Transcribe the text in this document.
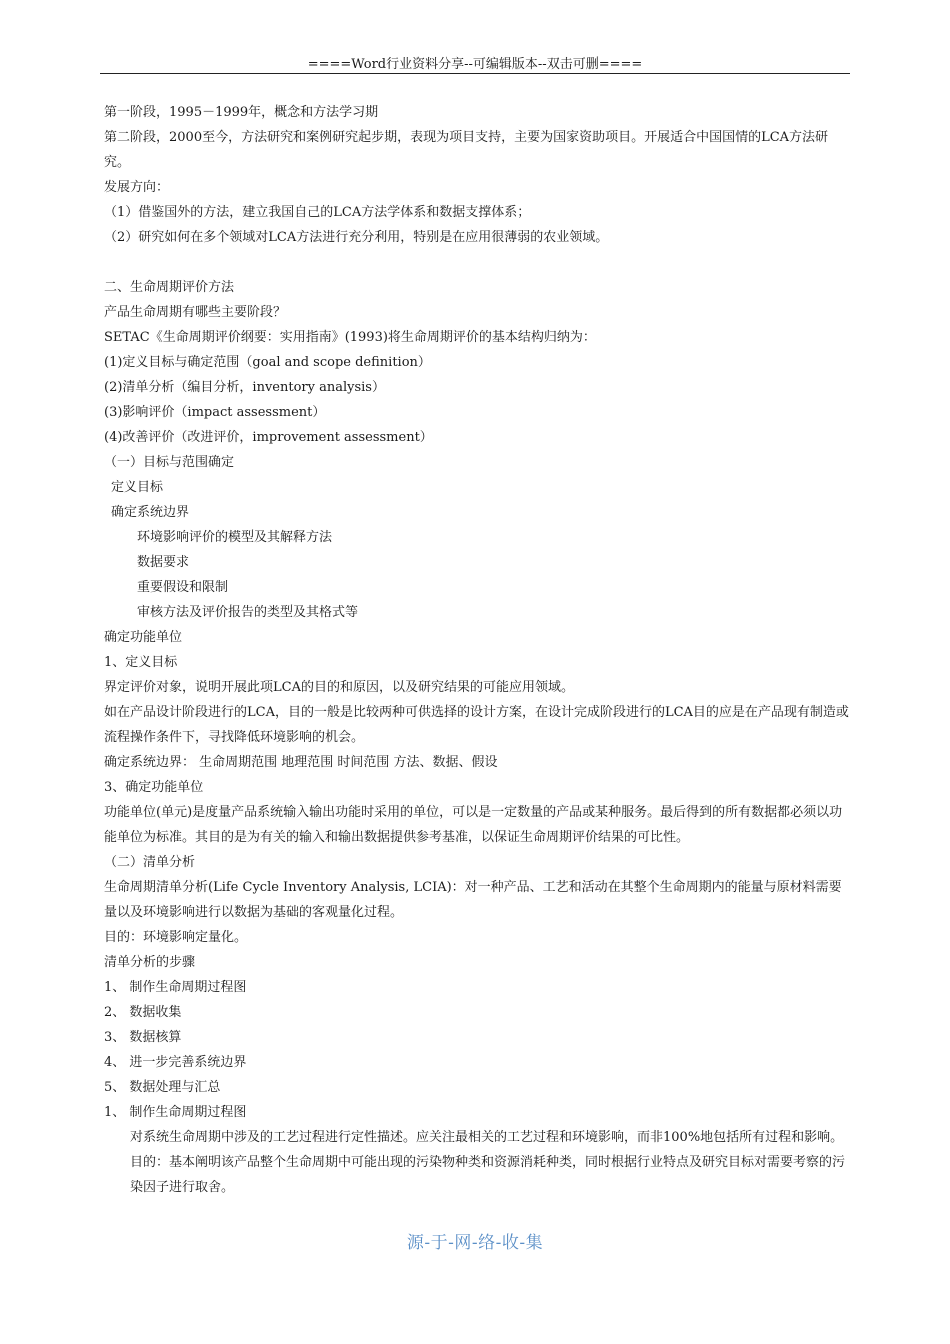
====Word行业资料分享--可编辑版本--双击可删====
第一阶段，1995－1999年，概念和方法学习期
第二阶段，2000至今，方法研究和案例研究起步期，表现为项目支持，主要为国家资助项目。开展适合中国国情的LCA方法研究。
发展方向：
（1）借鉴国外的方法，建立我国自己的LCA方法学体系和数据支撑体系；
（2）研究如何在多个领域对LCA方法进行充分利用，特别是在应用很薄弱的农业领域。
二、生命周期评价方法
产品生命周期有哪些主要阶段？
SETAC《生命周期评价纲要：实用指南》(1993)将生命周期评价的基本结构归纳为：
(1)定义目标与确定范围（goal and scope definition）
(2)清单分析（编目分析，inventory analysis）
(3)影响评价（impact assessment）
(4)改善评价（改进评价，improvement assessment）
（一）目标与范围确定
定义目标
确定系统边界
环境影响评价的模型及其解释方法
数据要求
重要假设和限制
审核方法及评价报告的类型及其格式等
确定功能单位
1、定义目标
界定评价对象，说明开展此项LCA的目的和原因，以及研究结果的可能应用领域。
如在产品设计阶段进行的LCA，目的一般是比较两种可供选择的设计方案，在设计完成阶段进行的LCA目的应是在产品现有制造或流程操作条件下，寻找降低环境影响的机会。
确定系统边界： 生命周期范围 地理范围 时间范围 方法、数据、假设
3、确定功能单位
功能单位(单元)是度量产品系统输入输出功能时采用的单位，可以是一定数量的产品或某种服务。最后得到的所有数据都必须以功能单位为标准。其目的是为有关的输入和输出数据提供参考基准，以保证生命周期评价结果的可比性。
（二）清单分析
生命周期清单分析(Life Cycle Inventory Analysis, LCIA)：对一种产品、工艺和活动在其整个生命周期内的能量与原材料需要量以及环境影响进行以数据为基础的客观量化过程。
目的：环境影响定量化。
清单分析的步骤
1、 制作生命周期过程图
2、 数据收集
3、 数据核算
4、 进一步完善系统边界
5、 数据处理与汇总
1、 制作生命周期过程图
对系统生命周期中涉及的工艺过程进行定性描述。应关注最相关的工艺过程和环境影响，而非100%地包括所有过程和影响。
目的：基本阐明该产品整个生命周期中可能出现的污染物种类和资源消耗种类，同时根据行业特点及研究目标对需要考察的污染因子进行取舍。
源-于-网-络-收-集
